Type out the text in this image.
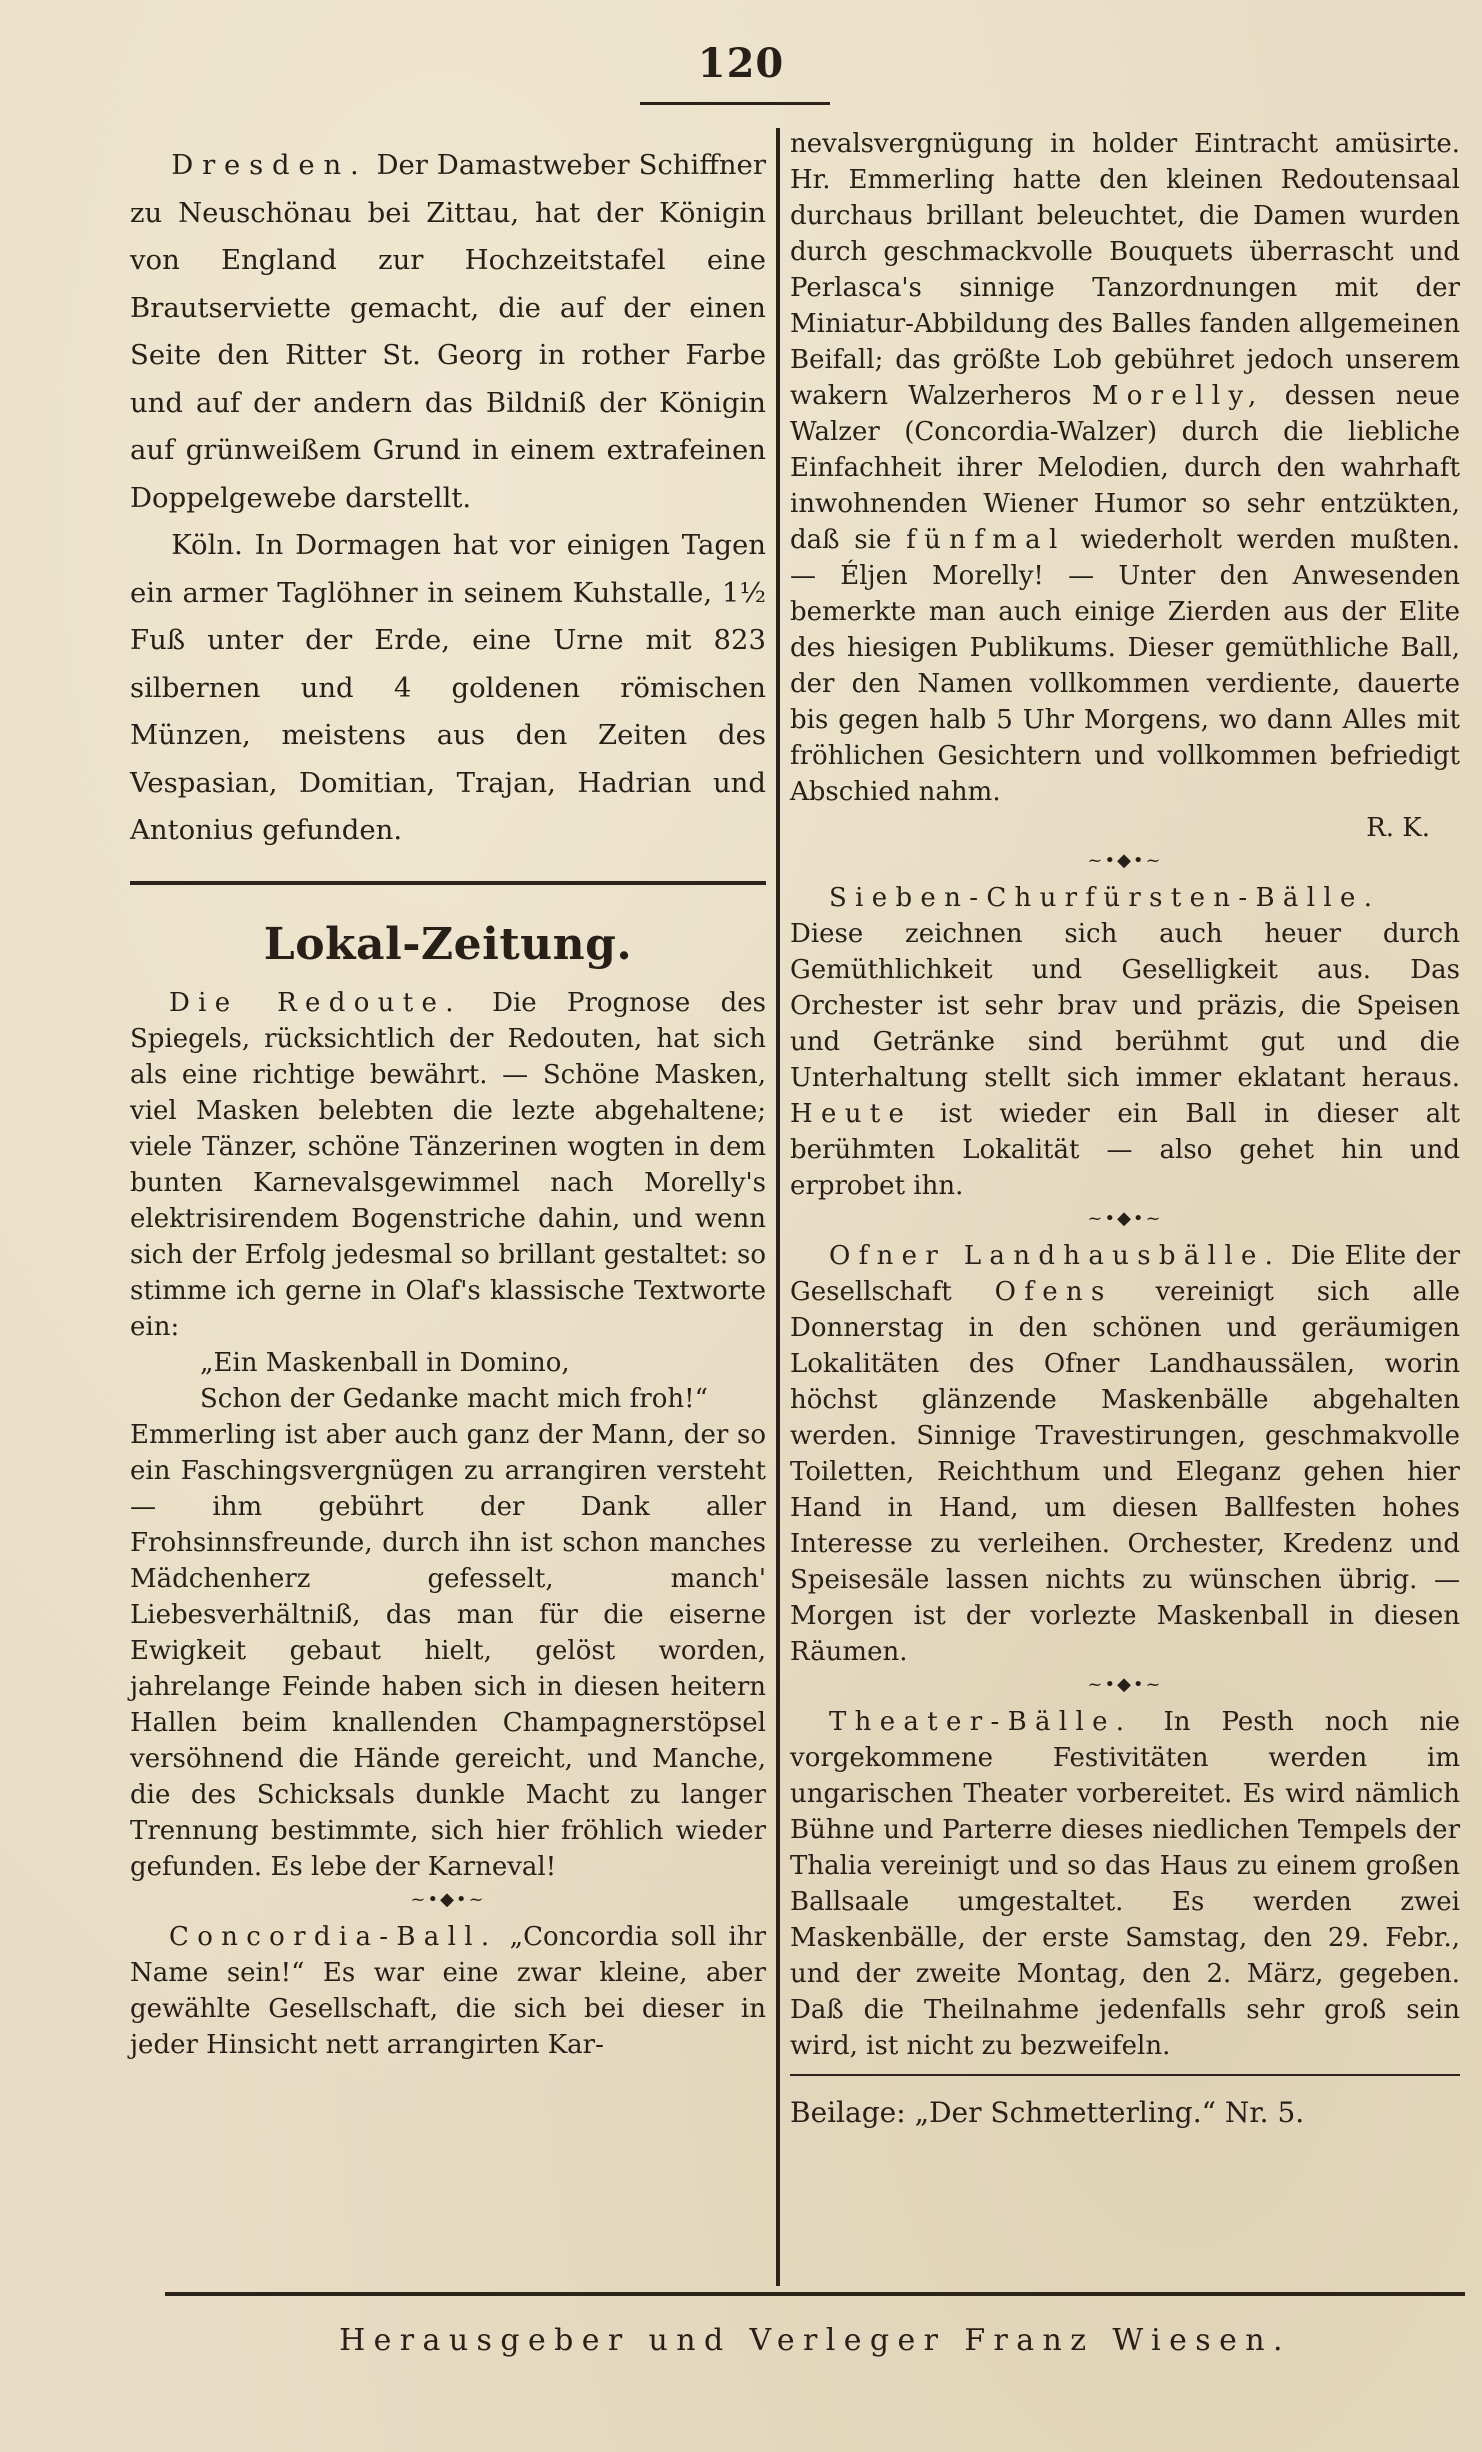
120

Dresden. Der Damastweber Schiffner zu Neuschönau bei Zittau, hat der Königin von England zur Hochzeitstafel eine Brautserviette gemacht, die auf der einen Seite den Ritter St. Georg in rother Farbe und auf der andern das Bildniß der Königin auf grünweißem Grund in einem extrafeinen Doppelgewebe darstellt.

Köln. In Dormagen hat vor einigen Tagen ein armer Taglöhner in seinem Kuhstalle, 1½ Fuß unter der Erde, eine Urne mit 823 silbernen und 4 goldenen römischen Münzen, meistens aus den Zeiten des Vespasian, Domitian, Trajan, Hadrian und Antonius gefunden.

Lokal-Zeitung.

Die Redoute. Die Prognose des Spiegels, rücksichtlich der Redouten, hat sich als eine richtige bewährt. — Schöne Masken, viel Masken belebten die lezte abgehaltene; viele Tänzer, schöne Tänzerinen wogten in dem bunten Karnevalsgewimmel nach Morelly's elektrisirendem Bogenstriche dahin, und wenn sich der Erfolg jedesmal so brillant gestaltet: so stimme ich gerne in Olaf's klassische Textworte ein:

„Ein Maskenball in Domino,

Schon der Gedanke macht mich froh!“

Emmerling ist aber auch ganz der Mann, der so ein Faschingsvergnügen zu arrangiren versteht — ihm gebührt der Dank aller Frohsinnsfreunde, durch ihn ist schon manches Mädchenherz gefesselt, manch' Liebesverhältniß, das man für die eiserne Ewigkeit gebaut hielt, gelöst worden, jahrelange Feinde haben sich in diesen heitern Hallen beim knallenden Champagnerstöpsel versöhnend die Hände gereicht, und Manche, die des Schicksals dunkle Macht zu langer Trennung bestimmte, sich hier fröhlich wieder gefunden. Es lebe der Karneval!

~•◆•~

Concordia-Ball. „Concordia soll ihr Name sein!“ Es war eine zwar kleine, aber gewählte Gesellschaft, die sich bei dieser in jeder Hinsicht nett arrangirten Kar-

nevalsvergnügung in holder Eintracht amüsirte. Hr. Emmerling hatte den kleinen Redoutensaal durchaus brillant beleuchtet, die Damen wurden durch geschmackvolle Bouquets überrascht und Perlasca's sinnige Tanzordnungen mit der Miniatur-Abbildung des Balles fanden allgemeinen Beifall; das größte Lob gebühret jedoch unserem wakern Walzerheros Morelly, dessen neue Walzer (Concordia-Walzer) durch die liebliche Einfachheit ihrer Melodien, durch den wahrhaft inwohnenden Wiener Humor so sehr entzükten, daß sie fünfmal wiederholt werden mußten. — Éljen Morelly! — Unter den Anwesenden bemerkte man auch einige Zierden aus der Elite des hiesigen Publikums. Dieser gemüthliche Ball, der den Namen vollkommen verdiente, dauerte bis gegen halb 5 Uhr Morgens, wo dann Alles mit fröhlichen Gesichtern und vollkommen befriedigt Abschied nahm.

R. K.

~•◆•~

Sieben-Churfürsten-Bälle. Diese zeichnen sich auch heuer durch Gemüthlichkeit und Geselligkeit aus. Das Orchester ist sehr brav und präzis, die Speisen und Getränke sind berühmt gut und die Unterhaltung stellt sich immer eklatant heraus. Heute ist wieder ein Ball in dieser alt berühmten Lokalität — also gehet hin und erprobet ihn.

~•◆•~

Ofner Landhausbälle. Die Elite der Gesellschaft Ofens vereinigt sich alle Donnerstag in den schönen und geräumigen Lokalitäten des Ofner Landhaussälen, worin höchst glänzende Maskenbälle abgehalten werden. Sinnige Travestirungen, geschmakvolle Toiletten, Reichthum und Eleganz gehen hier Hand in Hand, um diesen Ballfesten hohes Interesse zu verleihen. Orchester, Kredenz und Speisesäle lassen nichts zu wünschen übrig. — Morgen ist der vorlezte Maskenball in diesen Räumen.

~•◆•~

Theater-Bälle. In Pesth noch nie vorgekommene Festivitäten werden im ungarischen Theater vorbereitet. Es wird nämlich Bühne und Parterre dieses niedlichen Tempels der Thalia vereinigt und so das Haus zu einem großen Ballsaale umgestaltet. Es werden zwei Maskenbälle, der erste Samstag, den 29. Febr., und der zweite Montag, den 2. März, gegeben. Daß die Theilnahme jedenfalls sehr groß sein wird, ist nicht zu bezweifeln.

Beilage: „Der Schmetterling.“ Nr. 5.

Herausgeber und Verleger Franz Wiesen.
